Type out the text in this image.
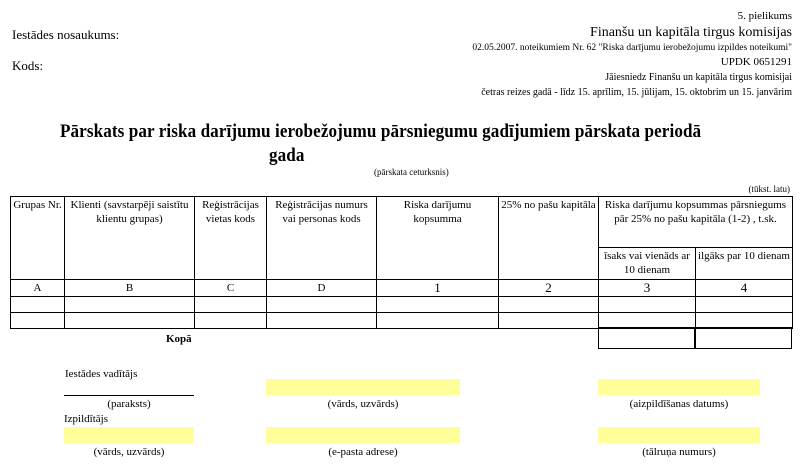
Iestādes nosaukums:
Kods:
5. pielikums
Finanšu un kapitāla tirgus komisijas
02.05.2007. noteikumiem Nr. 62 "Riska darījumu ierobežojumu izpildes noteikumi"
UPDK 0651291
Jāiesniedz Finanšu un kapitāla tirgus komisijai
četras reizes gadā - līdz 15. aprīlim, 15. jūlijam, 15. oktobrim un 15. janvārim
Pārskats par riska darījumu ierobežojumu pārsniegumu gadījumiem pārskata periodā
gada
(pārskata ceturksnis)
(tūkst. latu)
Grupas Nr.	Klienti (savstarpēji saistītu klientu grupas)	Reģistrācijas vietas kods	Reģistrācijas numurs vai personas kods	Riska darījumu kopsumma	25% no pašu kapitāla	Riska darījumu kopsummas pārsniegums pār 25% no pašu kapitāla (1-2) , t.sk.	
						īsaks vai vienāds ar 10 dienam	ilgāks par 10 dienam
A	B	C	D	1	2	3	4

Kopā
Iestādes vadītājs
(paraksts)	(vārds, uzvārds)	(aizpildīšanas datums)
Izpildītājs
(vārds, uzvārds)	(e-pasta adrese)	(tālruņa numurs)
